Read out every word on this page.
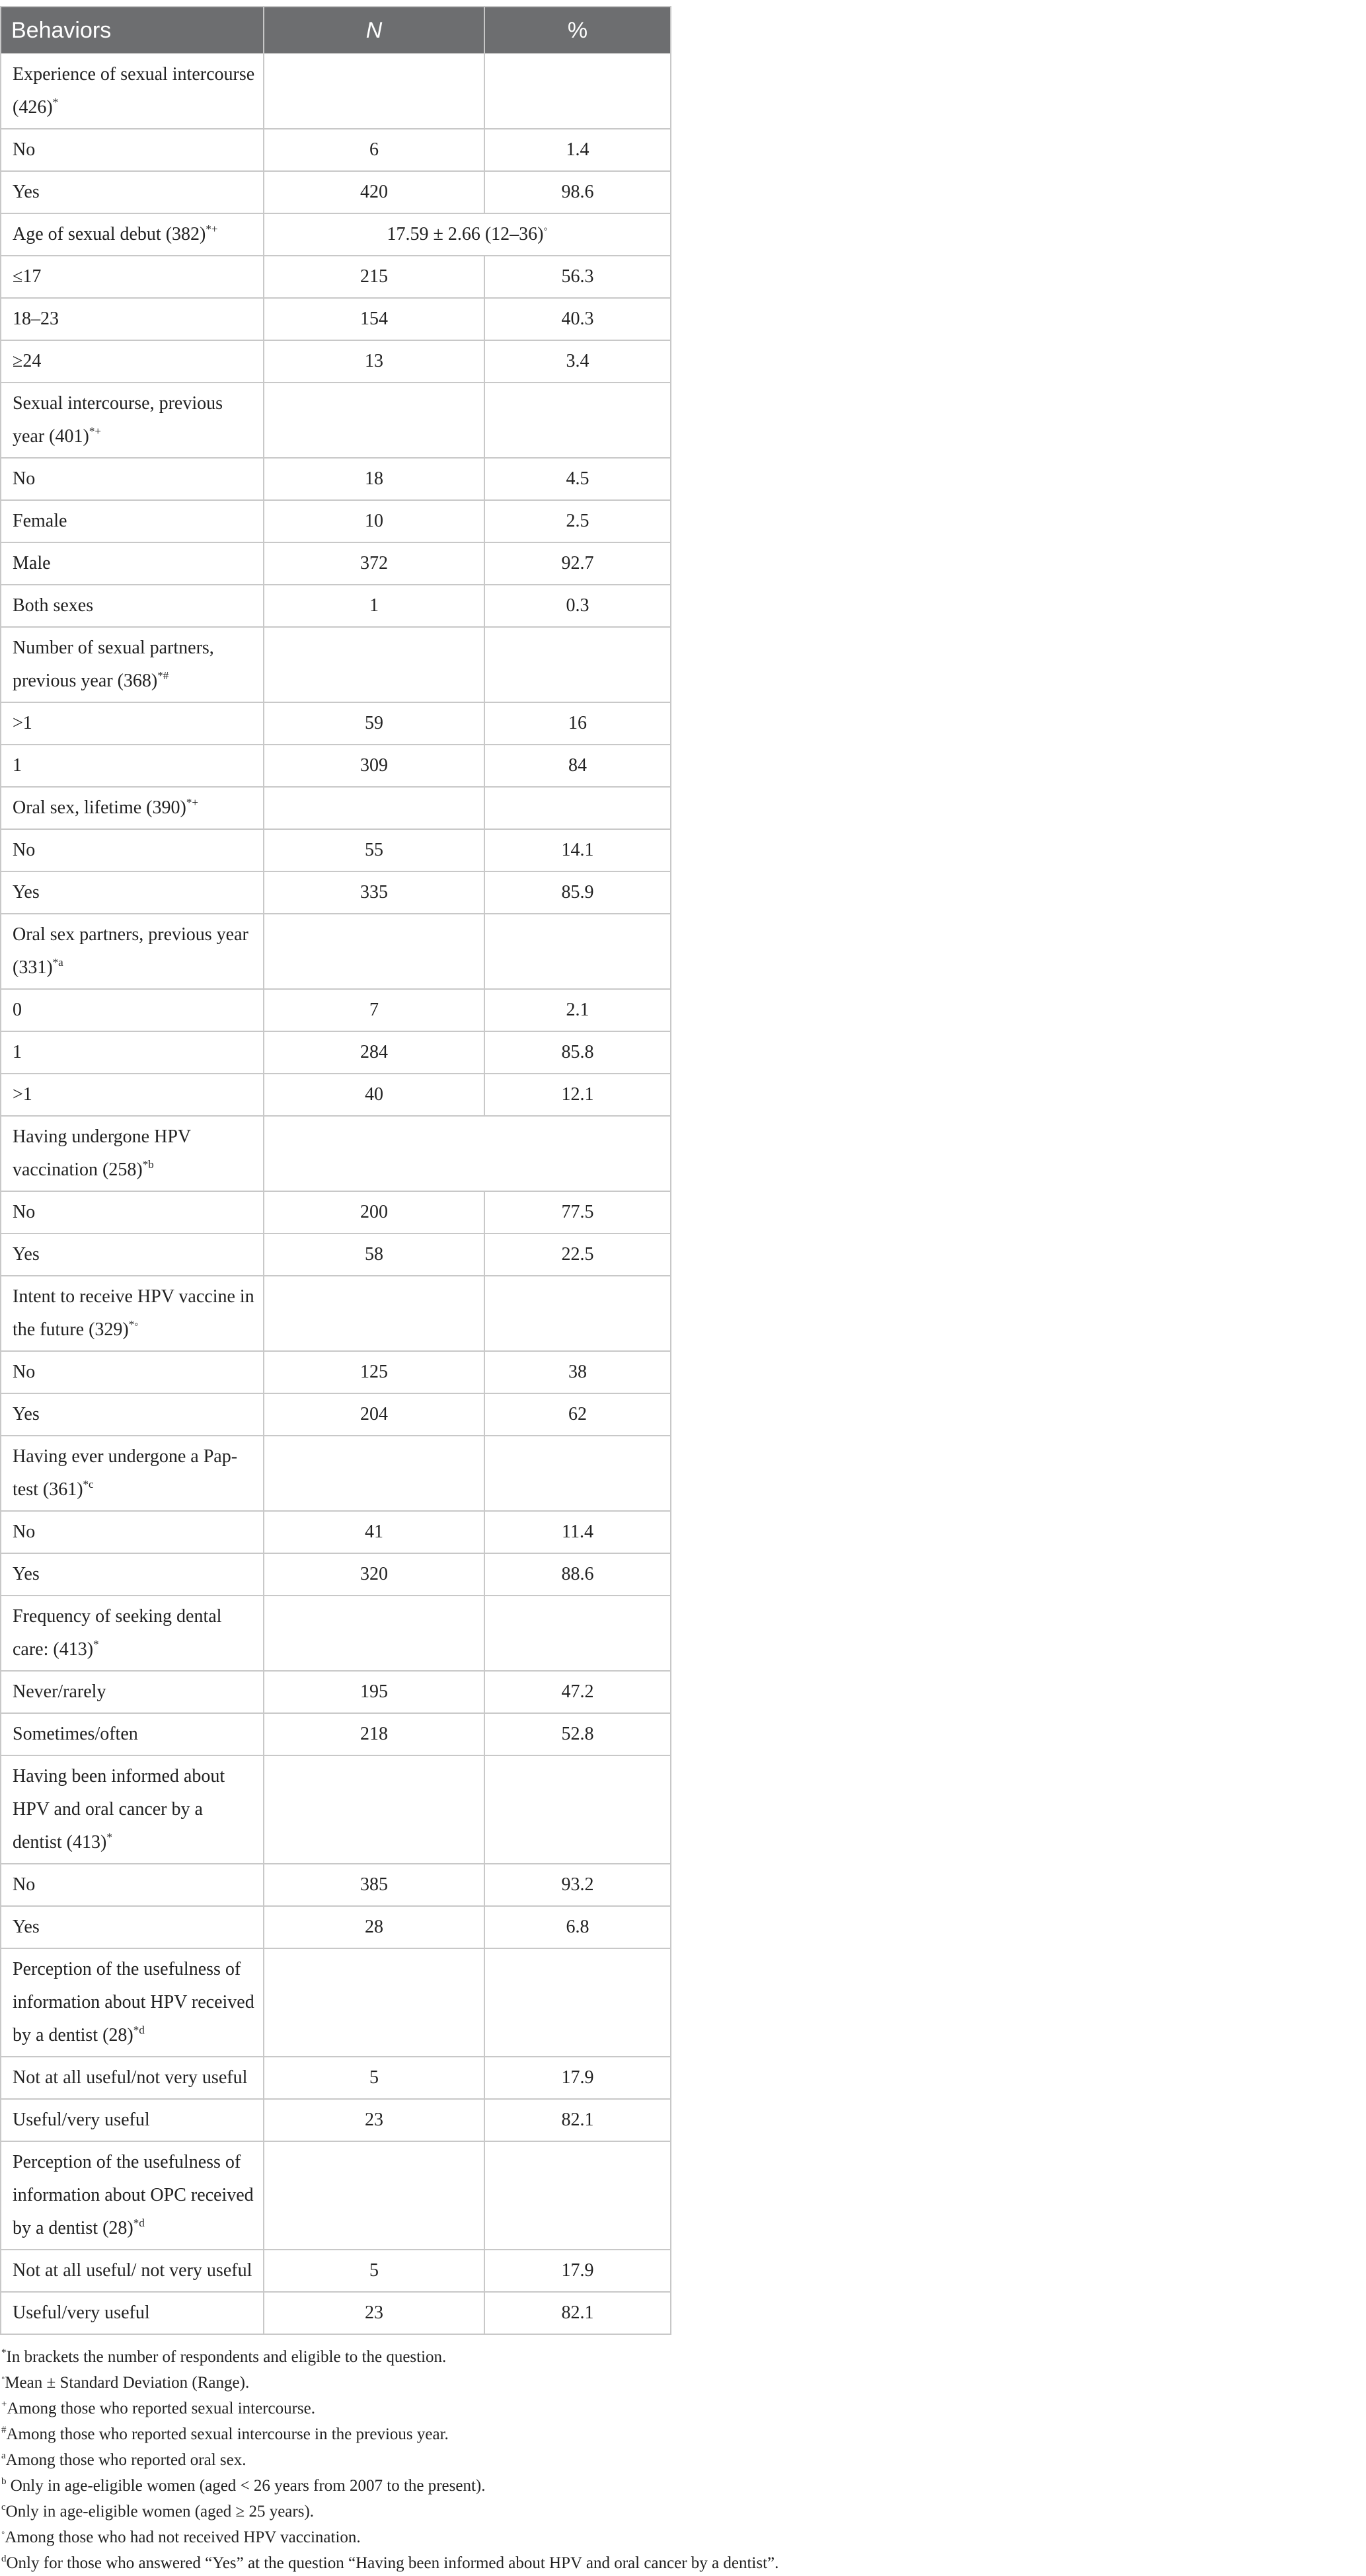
Behaviors	N	%
Experience of sexual intercourse (426)*		
No	6	1.4
Yes	420	98.6
Age of sexual debut (382)*+	17.59 ± 2.66 (12–36)◦
≤17	215	56.3
18–23	154	40.3
≥24	13	3.4
Sexual intercourse, previous year (401)*+		
No	18	4.5
Female	10	2.5
Male	372	92.7
Both sexes	1	0.3
Number of sexual partners, previous year (368)*#		
>1	59	16
1	309	84
Oral sex, lifetime (390)*+		
No	55	14.1
Yes	335	85.9
Oral sex partners, previous year $(331)^{*a}$		
0	7	2.1
1	284	85.8
>1	40	12.1
Having undergone HPV vaccination $(258)^{*b}$	
No	200	77.5
Yes	58	22.5
Intent to receive HPV vaccine in the future (329)*◦		
No	125	38
Yes	204	62
Having ever undergone a Pap-test $(361)^{*c}$		
No	41	11.4
Yes	320	88.6
Frequency of seeking dental care: (413)*		
Never/rarely	195	47.2
Sometimes/often	218	52.8
Having been informed about HPV and oral cancer by a dentist (413)*		
No	385	93.2
Yes	28	6.8
Perception of the usefulness of information about HPV received by a dentist $(28)^{*d}$		
Not at all useful/not very useful	5	17.9
Useful/very useful	23	82.1
Perception of the usefulness of information about OPC received by a dentist $(28)^{*d}$		
Not at all useful/ not very useful	5	17.9
Useful/very useful	23	82.1
*In brackets the number of respondents and eligible to the question.
◦Mean ± Standard Deviation (Range).
+Among those who reported sexual intercourse.
#Among those who reported sexual intercourse in the previous year.
$^a$Among those who reported oral sex.
$^b$ Only in age-eligible women (aged < 26 years from 2007 to the present).
$^c$Only in age-eligible women (aged ≥ 25 years).
◦Among those who had not received HPV vaccination.
$^d$Only for those who answered “Yes” at the question “Having been informed about HPV and oral cancer by a dentist”.
